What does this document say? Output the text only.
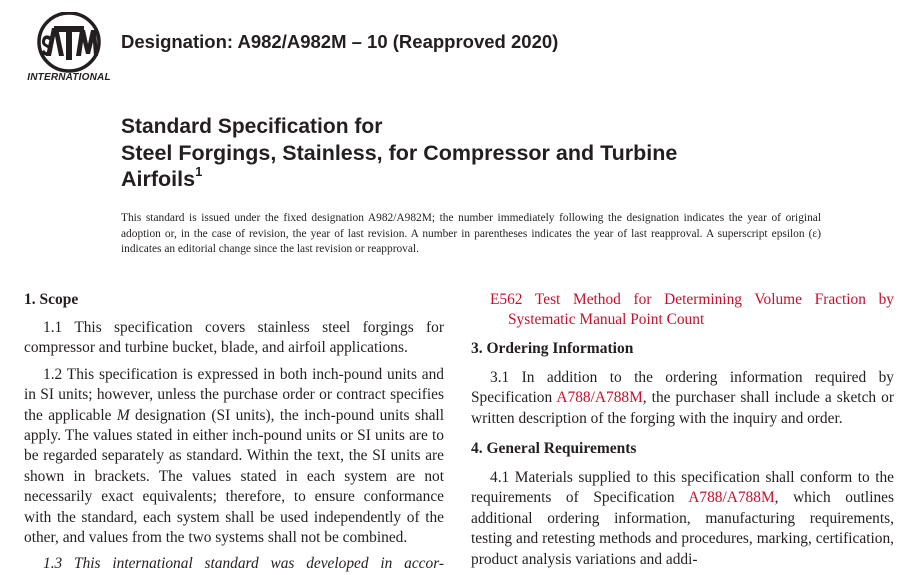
INTERNATIONAL
Designation: A982/A982M – 10 (Reapproved 2020)
Standard Specification for
Steel Forgings, Stainless, for Compressor and Turbine
Airfoils$^1$

This standard is issued under the fixed designation A982/A982M; the number immediately following the designation indicates the year of original adoption or, in the case of revision, the year of last revision. A number in parentheses indicates the year of last reapproval. A superscript epsilon (ε) indicates an editorial change since the last revision or reapproval.

1. Scope

1.1 This specification covers stainless steel forgings for compressor and turbine bucket, blade, and airfoil applications.

1.2 This specification is expressed in both inch-pound units and in SI units; however, unless the purchase order or contract specifies the applicable M designation (SI units), the inch-pound units shall apply. The values stated in either inch-pound units or SI units are to be regarded separately as standard. Within the text, the SI units are shown in brackets. The values stated in each system are not necessarily exact equivalents; therefore, to ensure conformance with the standard, each system shall be used independently of the other, and values from the two systems shall not be combined.

1.3 This international standard was developed in accor-

E562 Test Method for Determining Volume Fraction by Systematic Manual Point Count

3. Ordering Information

3.1 In addition to the ordering information required by Specification A788/A788M, the purchaser shall include a sketch or written description of the forging with the inquiry and order.

4. General Requirements

4.1 Materials supplied to this specification shall conform to the requirements of Specification A788/A788M, which outlines additional ordering information, manufacturing requirements, testing and retesting methods and procedures, marking, certification, product analysis variations and addi-
